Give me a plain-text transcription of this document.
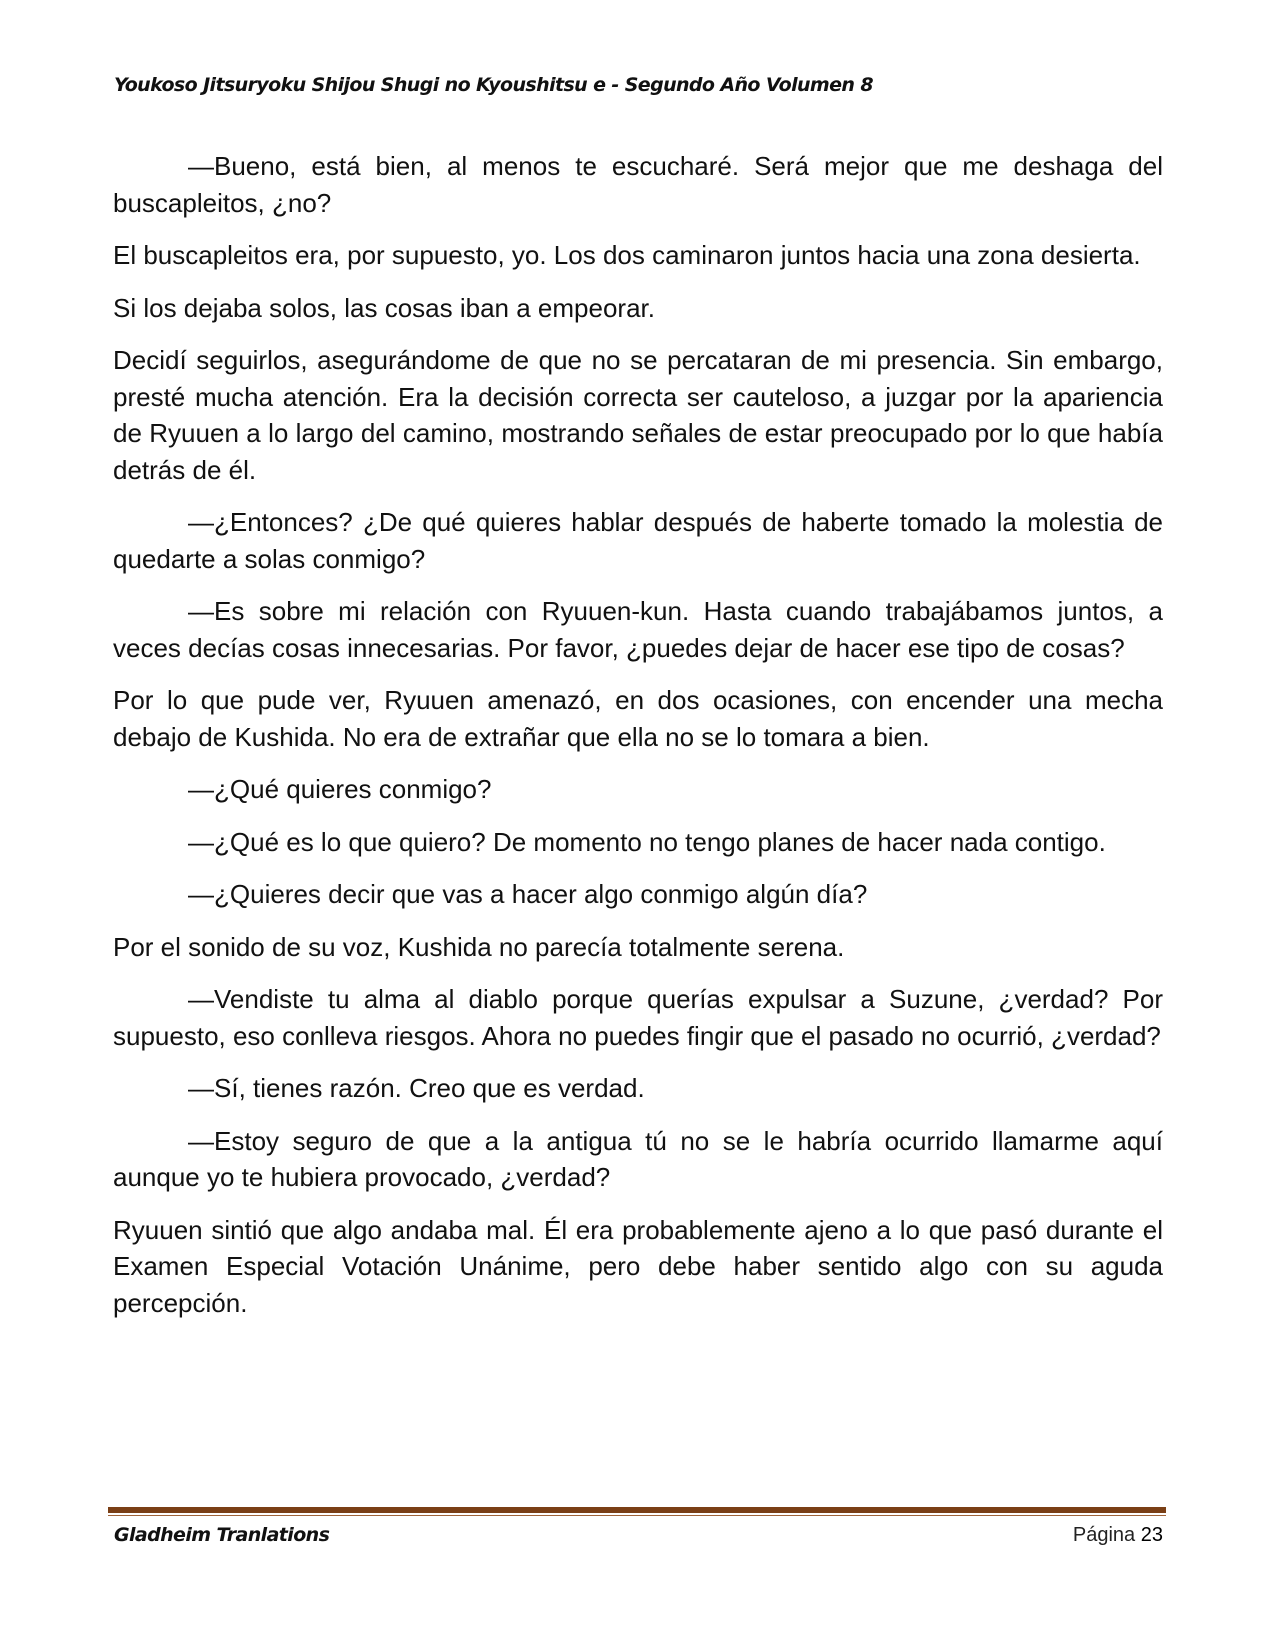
Youkoso Jitsuryoku Shijou Shugi no Kyoushitsu e - Segundo Año Volumen 8

—Bueno, está bien, al menos te escucharé. Será mejor que me deshaga del buscapleitos, ¿no?

El buscapleitos era, por supuesto, yo. Los dos caminaron juntos hacia una zona desierta.

Si los dejaba solos, las cosas iban a empeorar.

Decidí seguirlos, asegurándome de que no se percataran de mi presencia. Sin embargo, presté mucha atención. Era la decisión correcta ser cauteloso, a juzgar por la apariencia de Ryuuen a lo largo del camino, mostrando señales de estar preocupado por lo que había detrás de él.

—¿Entonces? ¿De qué quieres hablar después de haberte tomado la molestia de quedarte a solas conmigo?

—Es sobre mi relación con Ryuuen-kun. Hasta cuando trabajábamos juntos, a veces decías cosas innecesarias. Por favor, ¿puedes dejar de hacer ese tipo de cosas?

Por lo que pude ver, Ryuuen amenazó, en dos ocasiones, con encender una mecha debajo de Kushida. No era de extrañar que ella no se lo tomara a bien.

—¿Qué quieres conmigo?

—¿Qué es lo que quiero? De momento no tengo planes de hacer nada contigo.

—¿Quieres decir que vas a hacer algo conmigo algún día?

Por el sonido de su voz, Kushida no parecía totalmente serena.

—Vendiste tu alma al diablo porque querías expulsar a Suzune, ¿verdad? Por supuesto, eso conlleva riesgos. Ahora no puedes fingir que el pasado no ocurrió, ¿verdad?

—Sí, tienes razón. Creo que es verdad.

—Estoy seguro de que a la antigua tú no se le habría ocurrido llamarme aquí aunque yo te hubiera provocado, ¿verdad?

Ryuuen sintió que algo andaba mal. Él era probablemente ajeno a lo que pasó durante el Examen Especial Votación Unánime, pero debe haber sentido algo con su aguda percepción.

Gladheim Tranlations	Página 23
